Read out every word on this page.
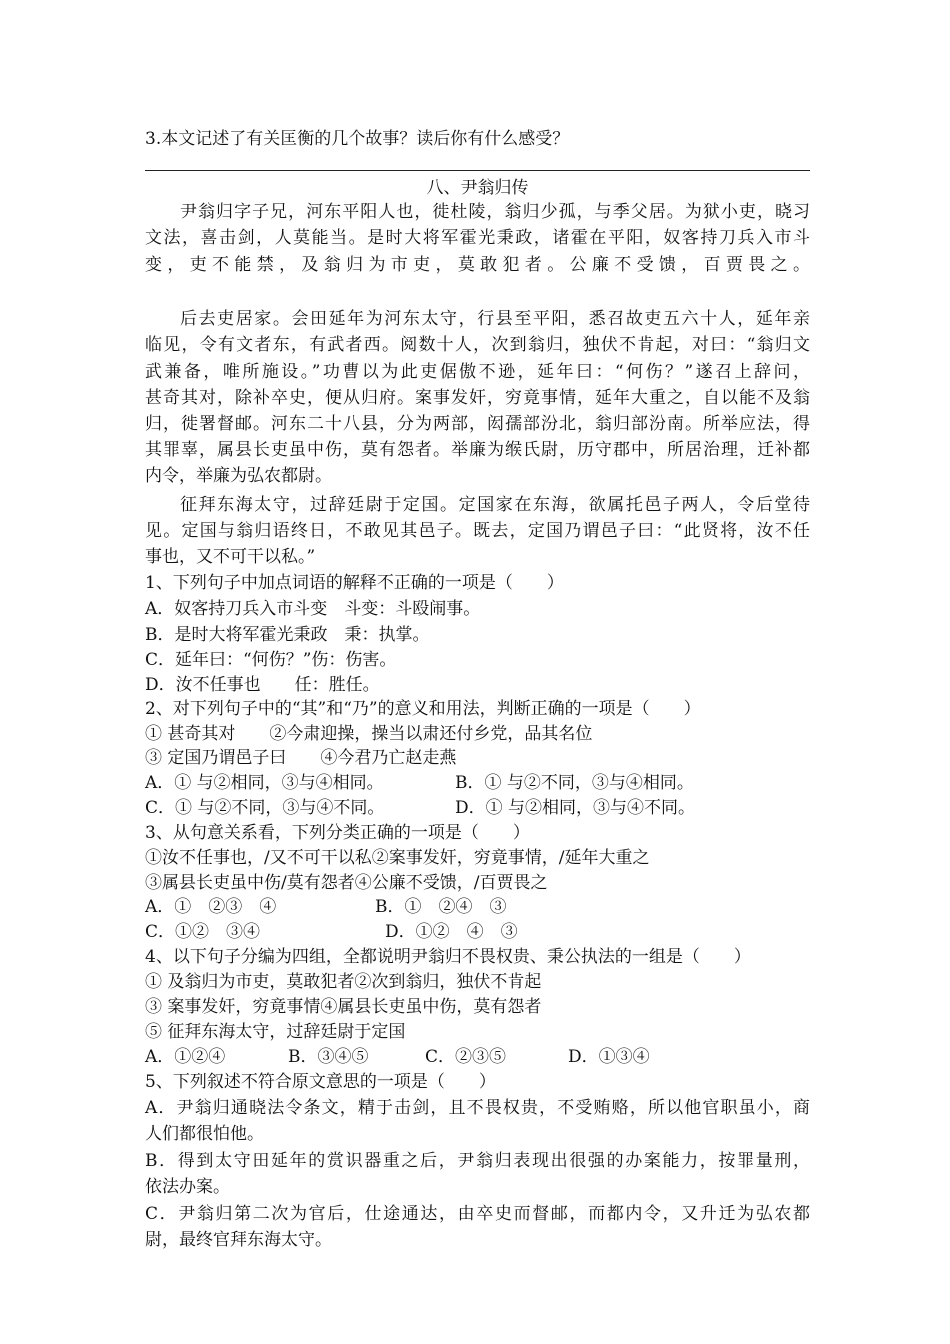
3.本文记述了有关匡衡的几个故事？读后你有什么感受？
八、尹翁归传
尹翁归字子兄，河东平阳人也，徙杜陵，翁归少孤，与季父居。为狱小吏，晓习
文法，喜击剑，人莫能当。是时大将军霍光秉政，诸霍在平阳，奴客持刀兵入市斗
变，吏不能禁，及翁归为市吏，莫敢犯者。公廉不受馈，百贾畏之。
后去吏居家。会田延年为河东太守，行县至平阳，悉召故吏五六十人，延年亲
临见，令有文者东，有武者西。阅数十人，次到翁归，独伏不肯起，对曰：“翁归文
武兼备，唯所施设。”功曹以为此吏倨傲不逊，延年曰：“何伤？”遂召上辞问，
甚奇其对，除补卒史，便从归府。案事发奸，穷竟事情，延年大重之，自以能不及翁
归，徙署督邮。河东二十八县，分为两部，闳孺部汾北，翁归部汾南。所举应法，得
其罪辜，属县长吏虽中伤，莫有怨者。举廉为缑氏尉，历守郡中，所居治理，迁补都
内令，举廉为弘农都尉。
征拜东海太守，过辞廷尉于定国。定国家在东海，欲属托邑子两人，令后堂待
见。定国与翁归语终日，不敢见其邑子。既去，定国乃谓邑子曰：“此贤将，汝不任
事也，又不可干以私。”
1、下列句子中加点词语的解释不正确的一项是（　　）
A．奴客持刀兵入市斗变　斗变：斗殴闹事。
B．是时大将军霍光秉政　秉：执掌。
C．延年曰：“何伤？”伤：伤害。
D．汝不任事也　　任：胜任。
2、对下列句子中的“其”和“乃”的意义和用法，判断正确的一项是（　　）
① 甚奇其对　　②今肃迎操，操当以肃还付乡党，品其名位
③ 定国乃谓邑子曰　　④今君乃亡赵走燕
A．① 与②相同，③与④相同。	B．① 与②不同，③与④相同。
C．① 与②不同，③与④不同。	D．① 与②相同，③与④不同。
3、从句意关系看，下列分类正确的一项是（　　）
①汝不任事也，/又不可干以私②案事发奸，穷竟事情，/延年大重之
③属县长吏虽中伤/莫有怨者④公廉不受馈，/百贾畏之
A．①　②③　④	B．①　②④　③
C．①②　③④	D．①②　④　③
4、以下句子分编为四组，全都说明尹翁归不畏权贵、秉公执法的一组是（　　）
① 及翁归为市吏，莫敢犯者②次到翁归，独伏不肯起
③ 案事发奸，穷竟事情④属县长吏虽中伤，莫有怨者
⑤ 征拜东海太守，过辞廷尉于定国
A．①②④	B．③④⑤	C．②③⑤	D．①③④
5、下列叙述不符合原文意思的一项是（　　）
A．尹翁归通晓法令条文，精于击剑，且不畏权贵，不受贿赂，所以他官职虽小，商
人们都很怕他。
B．得到太守田延年的赏识器重之后，尹翁归表现出很强的办案能力，按罪量刑，
依法办案。
C．尹翁归第二次为官后，仕途通达，由卒史而督邮，而都内令，又升迁为弘农都
尉，最终官拜东海太守。
